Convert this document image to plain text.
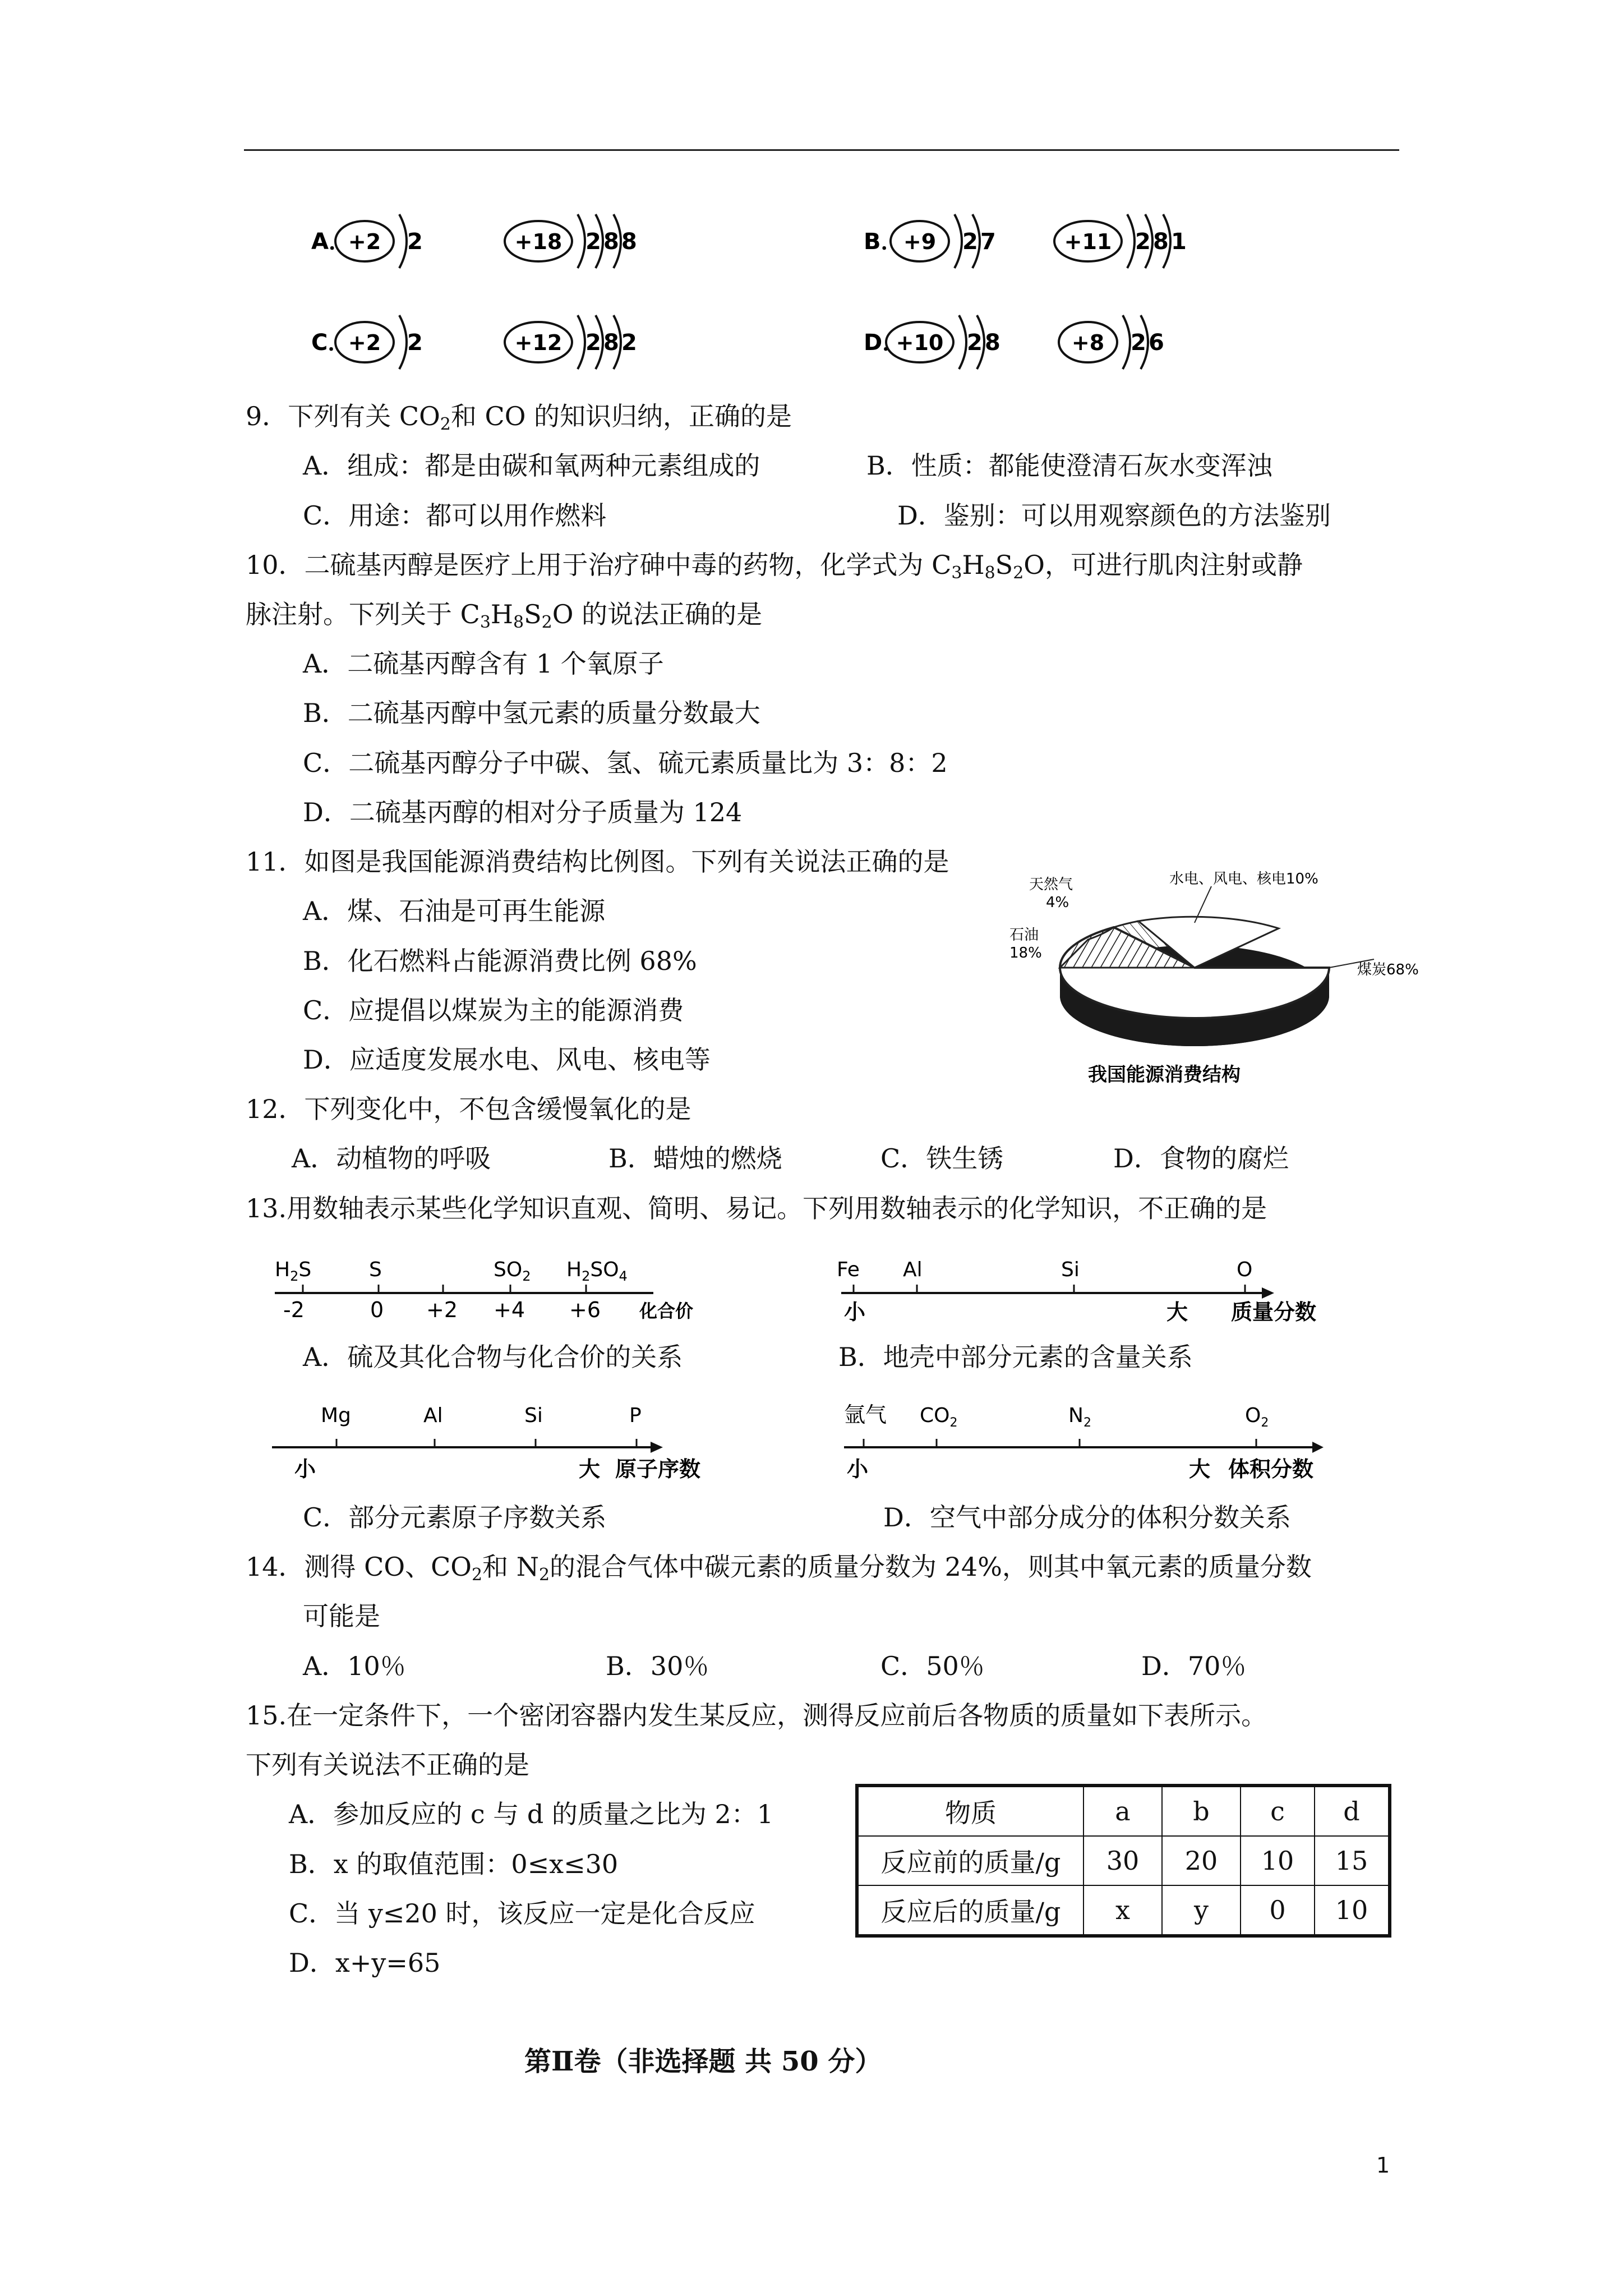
A．
+2 2	+18 2 8 8	B． +9 2 7	+11 2 8 1
C．
+2 2	+12 2 8 2	D．
+10 2 8	+8 2 6
9．下列有关 $CO_2$和 CO 的知识归纳，正确的是
A．组成：都是由碳和氧两种元素组成的	B．性质：都能使澄清石灰水变浑浊
C．用途：都可以用作燃料	D．鉴别：可以用观察颜色的方法鉴别
10．二硫基丙醇是医疗上用于治疗砷中毒的药物，化学式为 $C_3H_8S_2O$，可进行肌肉注射或静
脉注射。下列关于 $C_3H_8S_2O$ 的说法正确的是
A．二硫基丙醇含有 1 个氧原子
B．二硫基丙醇中氢元素的质量分数最大
C．二硫基丙醇分子中碳、氢、硫元素质量比为 3：8：2
D．二硫基丙醇的相对分子质量为 124
11．如图是我国能源消费结构比例图。下列有关说法正确的是
A．煤、石油是可再生能源
B．化石燃料占能源消费比例 68%
C．应提倡以煤炭为主的能源消费
D．应适度发展水电、风电、核电等
水电、风电、核电10%
天然气
4%
石油
18%
煤炭68%
我国能源消费结构
12．下列变化中，不包含缓慢氧化的是
A．动植物的呼吸	B．蜡烛的燃烧	C．铁生锈	D．食物的腐烂
13.用数轴表示某些化学知识直观、简明、易记。下列用数轴表示的化学知识，不正确的是
$H_2S$	S	$SO_2$ $H_2SO_4$
-2	0 +2 +4 +6 化合价
Fe Al	Si	O
小	大 质量分数
Mg	Al	Si	P
小	大 原子序数
氩气 $CO_2$	$N_2$	$O_2$
小	大 体积分数
A．硫及其化合物与化合价的关系	B．地壳中部分元素的含量关系
C．部分元素原子序数关系	D．空气中部分成分的体积分数关系
14．测得 CO、$CO_2$和 $N_2$的混合气体中碳元素的质量分数为 24%，则其中氧元素的质量分数
可能是
A．10％	B．30％	C．50％	D．70％
15.在一定条件下，一个密闭容器内发生某反应，测得反应前后各物质的质量如下表所示。
下列有关说法不正确的是
A．参加反应的 c 与 d 的质量之比为 2：1
B．x 的取值范围：0≤x≤30
C．当 y≤20 时，该反应一定是化合反应
D．x+y=65
物质	a	b	c	d
反应前的质量/g	30	20	10	15
反应后的质量/g	x	y	0	10
第Ⅱ卷（非选择题 共 50 分）
1
